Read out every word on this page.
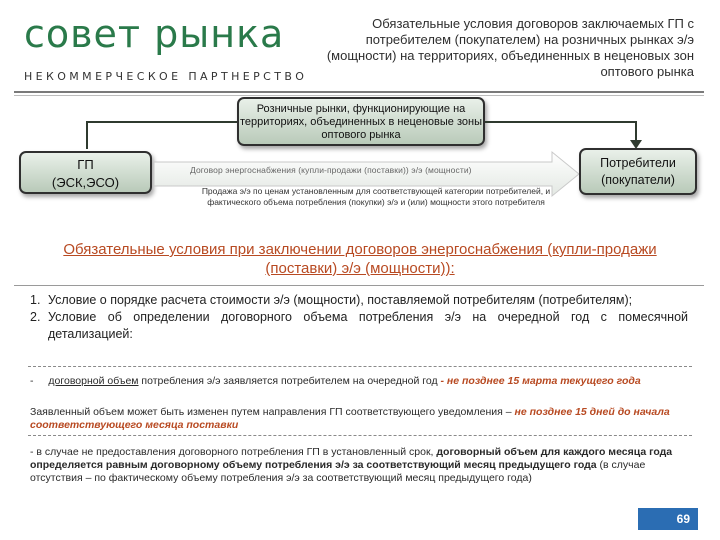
совет рынка
НЕКОММЕРЧЕСКОЕ ПАРТНЕРСТВО
Обязательные условия договоров заключаемых ГП с потребителем (покупателем) на розничных рынках э/э (мощности) на территориях, объединенных в неценовых зон оптового рынка
Розничные рынки, функционирующие на территориях, объединенных в неценовые зоны оптового рынка
ГП
(ЭСК,ЭСО)
Договор энергоснабжения (купли-продажи (поставки)) э/э (мощности)
Продажа э/э по ценам установленным для соответствующей категории потребителей, и фактического объема потребления (покупки) э/э и (или) мощности этого потребителя
Потребители
(покупатели)
Обязательные условия при заключении договоров энергоснабжения (купли-продажи (поставки) э/э (мощности)):
1. Условие о порядке расчета стоимости э/э (мощности), поставляемой потребителям (потребителям);
2. Условие об определении договорного объема потребления э/э на очередной год с помесячной детализацией:
- договорной объем потребления э/э заявляется потребителем на очередной год - не позднее 15 марта текущего года
Заявленный объем может быть изменен путем направления ГП соответствующего уведомления – не позднее 15 дней до начала соответствующего месяца поставки
- в случае не предоставления договорного потребления ГП в установленный срок, договорный объем для каждого месяца года определяется равным договорному объему потребления э/э за соответствующий месяц предыдущего года (в случае отсутствия – по фактическому объему потребления э/э за соответствующий месяц предыдущего года)
69
